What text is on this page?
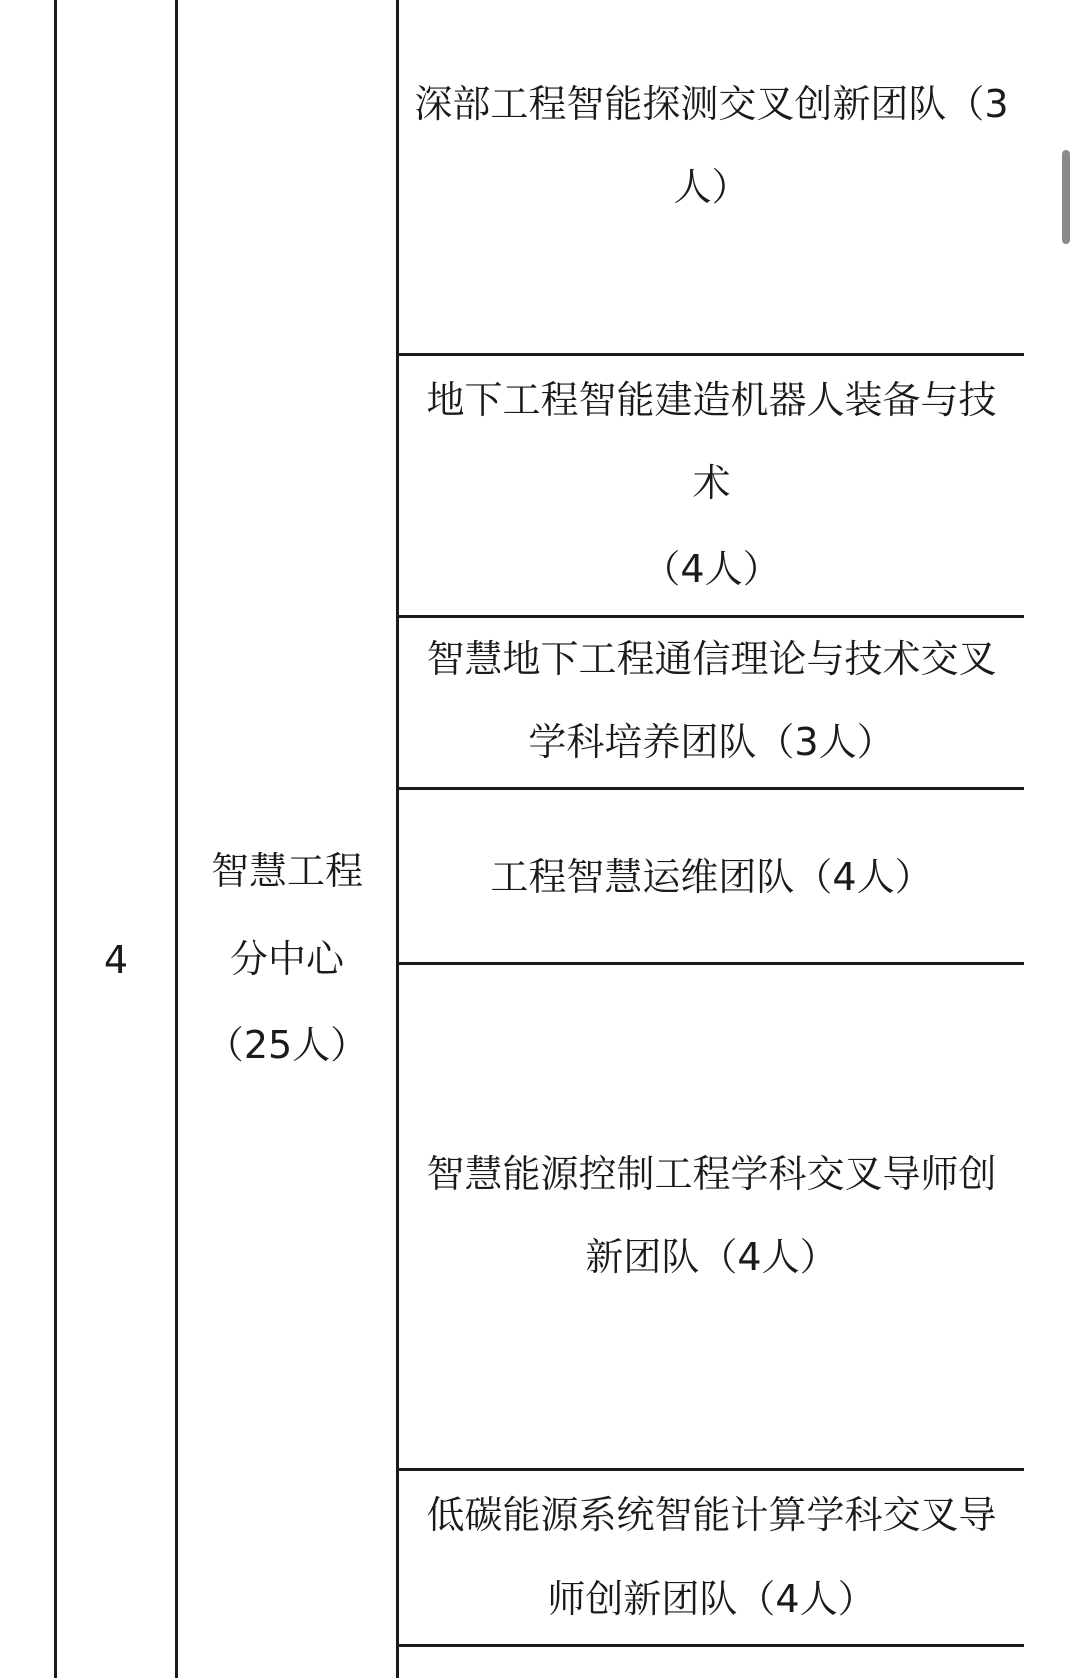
4
智慧工程
分中心
（25人）
深部工程智能探测交叉创新团队（3
人）
地下工程智能建造机器人装备与技
术
（4人）
智慧地下工程通信理论与技术交叉
学科培养团队（3人）
工程智慧运维团队（4人）
智慧能源控制工程学科交叉导师创
新团队（4人）
低碳能源系统智能计算学科交叉导
师创新团队（4人）
